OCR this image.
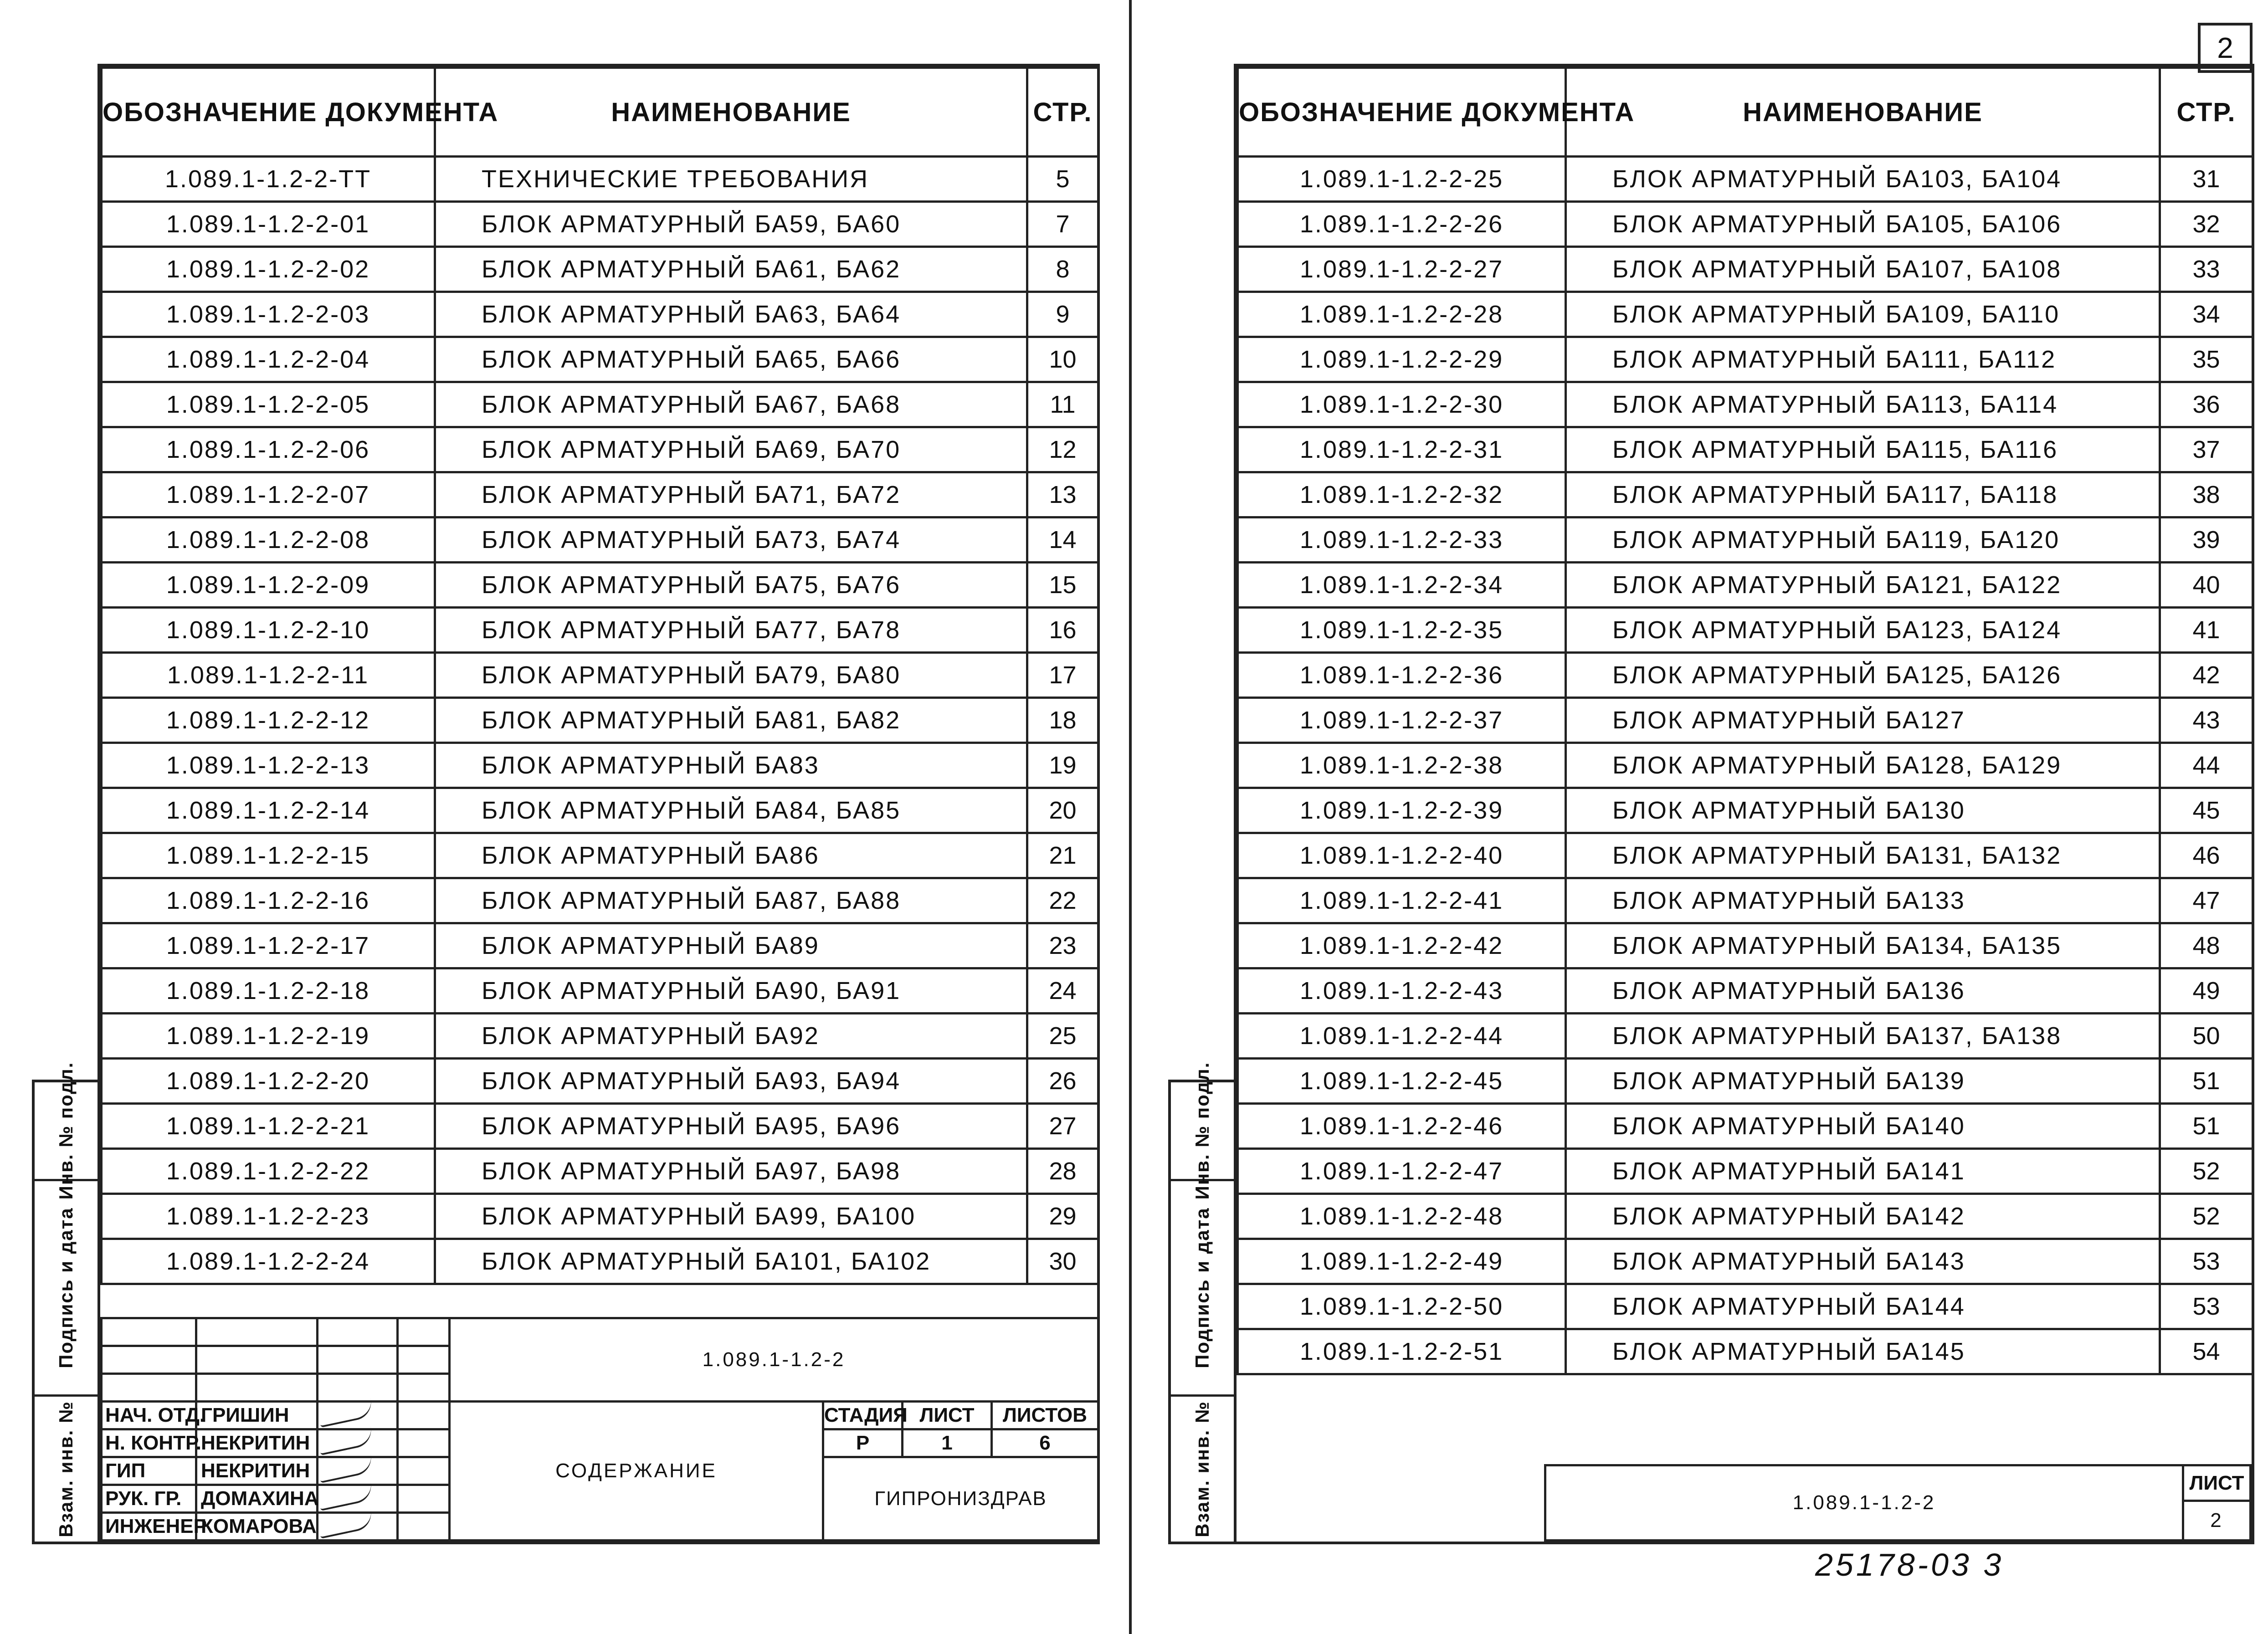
Инв. № подл.
Подпись и дата
Взам. инв. №
ОБОЗНАЧЕНИЕ ДОКУМЕНТА	НАИМЕНОВАНИЕ	СТР.
1.089.1-1.2-2-ТТ	ТЕХНИЧЕСКИЕ ТРЕБОВАНИЯ	5
1.089.1-1.2-2-01	БЛОК АРМАТУРНЫЙ БА59, БА60	7
1.089.1-1.2-2-02	БЛОК АРМАТУРНЫЙ БА61, БА62	8
1.089.1-1.2-2-03	БЛОК АРМАТУРНЫЙ БА63, БА64	9
1.089.1-1.2-2-04	БЛОК АРМАТУРНЫЙ БА65, БА66	10
1.089.1-1.2-2-05	БЛОК АРМАТУРНЫЙ БА67, БА68	11
1.089.1-1.2-2-06	БЛОК АРМАТУРНЫЙ БА69, БА70	12
1.089.1-1.2-2-07	БЛОК АРМАТУРНЫЙ БА71, БА72	13
1.089.1-1.2-2-08	БЛОК АРМАТУРНЫЙ БА73, БА74	14
1.089.1-1.2-2-09	БЛОК АРМАТУРНЫЙ БА75, БА76	15
1.089.1-1.2-2-10	БЛОК АРМАТУРНЫЙ БА77, БА78	16
1.089.1-1.2-2-11	БЛОК АРМАТУРНЫЙ БА79, БА80	17
1.089.1-1.2-2-12	БЛОК АРМАТУРНЫЙ БА81, БА82	18
1.089.1-1.2-2-13	БЛОК АРМАТУРНЫЙ БА83	19
1.089.1-1.2-2-14	БЛОК АРМАТУРНЫЙ БА84, БА85	20
1.089.1-1.2-2-15	БЛОК АРМАТУРНЫЙ БА86	21
1.089.1-1.2-2-16	БЛОК АРМАТУРНЫЙ БА87, БА88	22
1.089.1-1.2-2-17	БЛОК АРМАТУРНЫЙ БА89	23
1.089.1-1.2-2-18	БЛОК АРМАТУРНЫЙ БА90, БА91	24
1.089.1-1.2-2-19	БЛОК АРМАТУРНЫЙ БА92	25
1.089.1-1.2-2-20	БЛОК АРМАТУРНЫЙ БА93, БА94	26
1.089.1-1.2-2-21	БЛОК АРМАТУРНЫЙ БА95, БА96	27
1.089.1-1.2-2-22	БЛОК АРМАТУРНЫЙ БА97, БА98	28
1.089.1-1.2-2-23	БЛОК АРМАТУРНЫЙ БА99, БА100	29
1.089.1-1.2-2-24	БЛОК АРМАТУРНЫЙ БА101, БА102	30
				1.089.1-1.2-2			

НАЧ. ОТД.	ГРИШИН			СОДЕРЖАНИЕ	СТАДИЯ	ЛИСТ	ЛИСТОВ
Н. КОНТР.	НЕКРИТИН				Р	1	6
ГИП	НЕКРИТИН				ГИПРОНИЗДРАВ		
РУК. ГР.	ДОМАХИНА						
ИНЖЕНЕР	КОМАРОВА						
2
Инв. № подл.
Подпись и дата
Взам. инв. №
ОБОЗНАЧЕНИЕ ДОКУМЕНТА	НАИМЕНОВАНИЕ	СТР.
1.089.1-1.2-2-25	БЛОК АРМАТУРНЫЙ БА103, БА104	31
1.089.1-1.2-2-26	БЛОК АРМАТУРНЫЙ БА105, БА106	32
1.089.1-1.2-2-27	БЛОК АРМАТУРНЫЙ БА107, БА108	33
1.089.1-1.2-2-28	БЛОК АРМАТУРНЫЙ БА109, БА110	34
1.089.1-1.2-2-29	БЛОК АРМАТУРНЫЙ БА111, БА112	35
1.089.1-1.2-2-30	БЛОК АРМАТУРНЫЙ БА113, БА114	36
1.089.1-1.2-2-31	БЛОК АРМАТУРНЫЙ БА115, БА116	37
1.089.1-1.2-2-32	БЛОК АРМАТУРНЫЙ БА117, БА118	38
1.089.1-1.2-2-33	БЛОК АРМАТУРНЫЙ БА119, БА120	39
1.089.1-1.2-2-34	БЛОК АРМАТУРНЫЙ БА121, БА122	40
1.089.1-1.2-2-35	БЛОК АРМАТУРНЫЙ БА123, БА124	41
1.089.1-1.2-2-36	БЛОК АРМАТУРНЫЙ БА125, БА126	42
1.089.1-1.2-2-37	БЛОК АРМАТУРНЫЙ БА127	43
1.089.1-1.2-2-38	БЛОК АРМАТУРНЫЙ БА128, БА129	44
1.089.1-1.2-2-39	БЛОК АРМАТУРНЫЙ БА130	45
1.089.1-1.2-2-40	БЛОК АРМАТУРНЫЙ БА131, БА132	46
1.089.1-1.2-2-41	БЛОК АРМАТУРНЫЙ БА133	47
1.089.1-1.2-2-42	БЛОК АРМАТУРНЫЙ БА134, БА135	48
1.089.1-1.2-2-43	БЛОК АРМАТУРНЫЙ БА136	49
1.089.1-1.2-2-44	БЛОК АРМАТУРНЫЙ БА137, БА138	50
1.089.1-1.2-2-45	БЛОК АРМАТУРНЫЙ БА139	51
1.089.1-1.2-2-46	БЛОК АРМАТУРНЫЙ БА140	51
1.089.1-1.2-2-47	БЛОК АРМАТУРНЫЙ БА141	52
1.089.1-1.2-2-48	БЛОК АРМАТУРНЫЙ БА142	52
1.089.1-1.2-2-49	БЛОК АРМАТУРНЫЙ БА143	53
1.089.1-1.2-2-50	БЛОК АРМАТУРНЫЙ БА144	53
1.089.1-1.2-2-51	БЛОК АРМАТУРНЫЙ БА145	54
1.089.1-1.2-2	ЛИСТ
2
25178-03 3
